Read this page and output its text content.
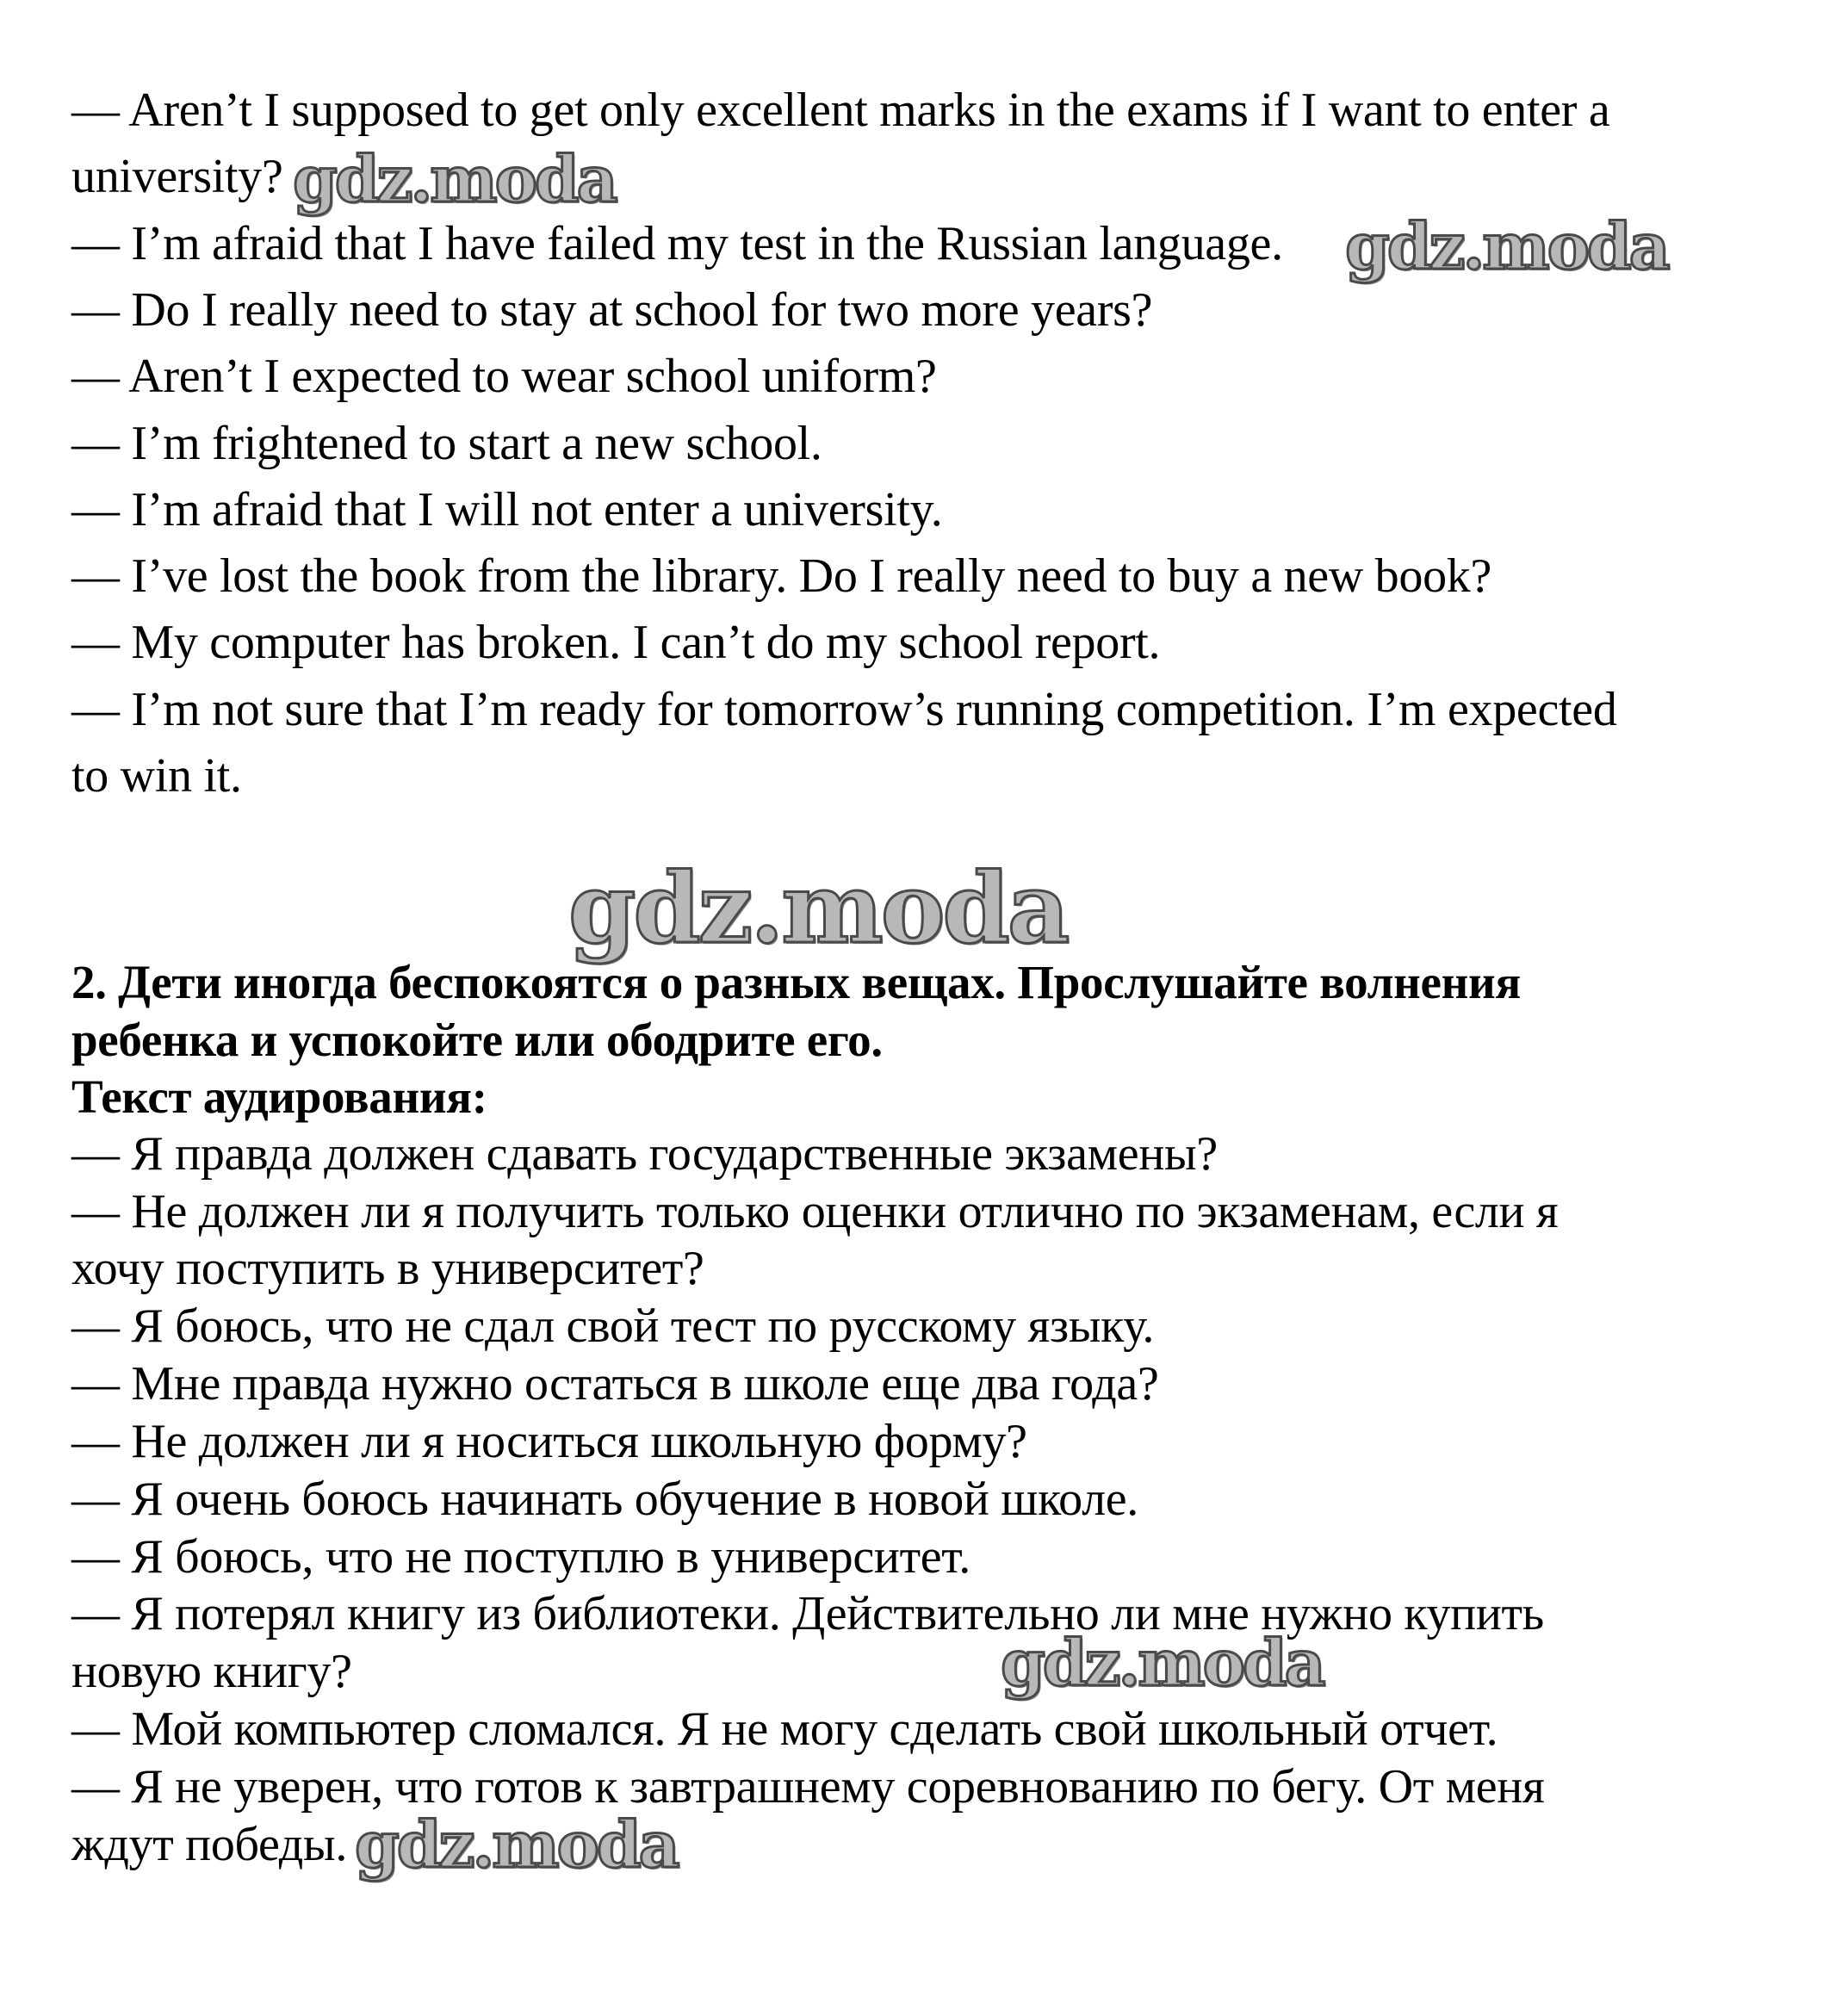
— Aren’t I supposed to get only excellent marks in the exams if I want to enter a
university?
— I’m afraid that I have failed my test in the Russian language.
— Do I really need to stay at school for two more years?
— Aren’t I expected to wear school uniform?
— I’m frightened to start a new school.
— I’m afraid that I will not enter a university.
— I’ve lost the book from the library. Do I really need to buy a new book?
— My computer has broken. I can’t do my school report.
— I’m not sure that I’m ready for tomorrow’s running competition. I’m expected
to win it.
2. Дети иногда беспокоятся о разных вещах. Прослушайте волнения
ребенка и успокойте или ободрите его.
Текст аудирования:
— Я правда должен сдавать государственные экзамены?
— Не должен ли я получить только оценки отлично по экзаменам, если я
хочу поступить в университет?
— Я боюсь, что не сдал свой тест по русскому языку.
— Мне правда нужно остаться в школе еще два года?
— Не должен ли я носиться школьную форму?
— Я очень боюсь начинать обучение в новой школе.
— Я боюсь, что не поступлю в университет.
— Я потерял книгу из библиотеки. Действительно ли мне нужно купить
новую книгу?
— Мой компьютер сломался. Я не могу сделать свой школьный отчет.
— Я не уверен, что готов к завтрашнему соревнованию по бегу. От меня
ждут победы.
gdz.moda
gdz.moda
gdz.moda
gdz.moda
gdz.moda
